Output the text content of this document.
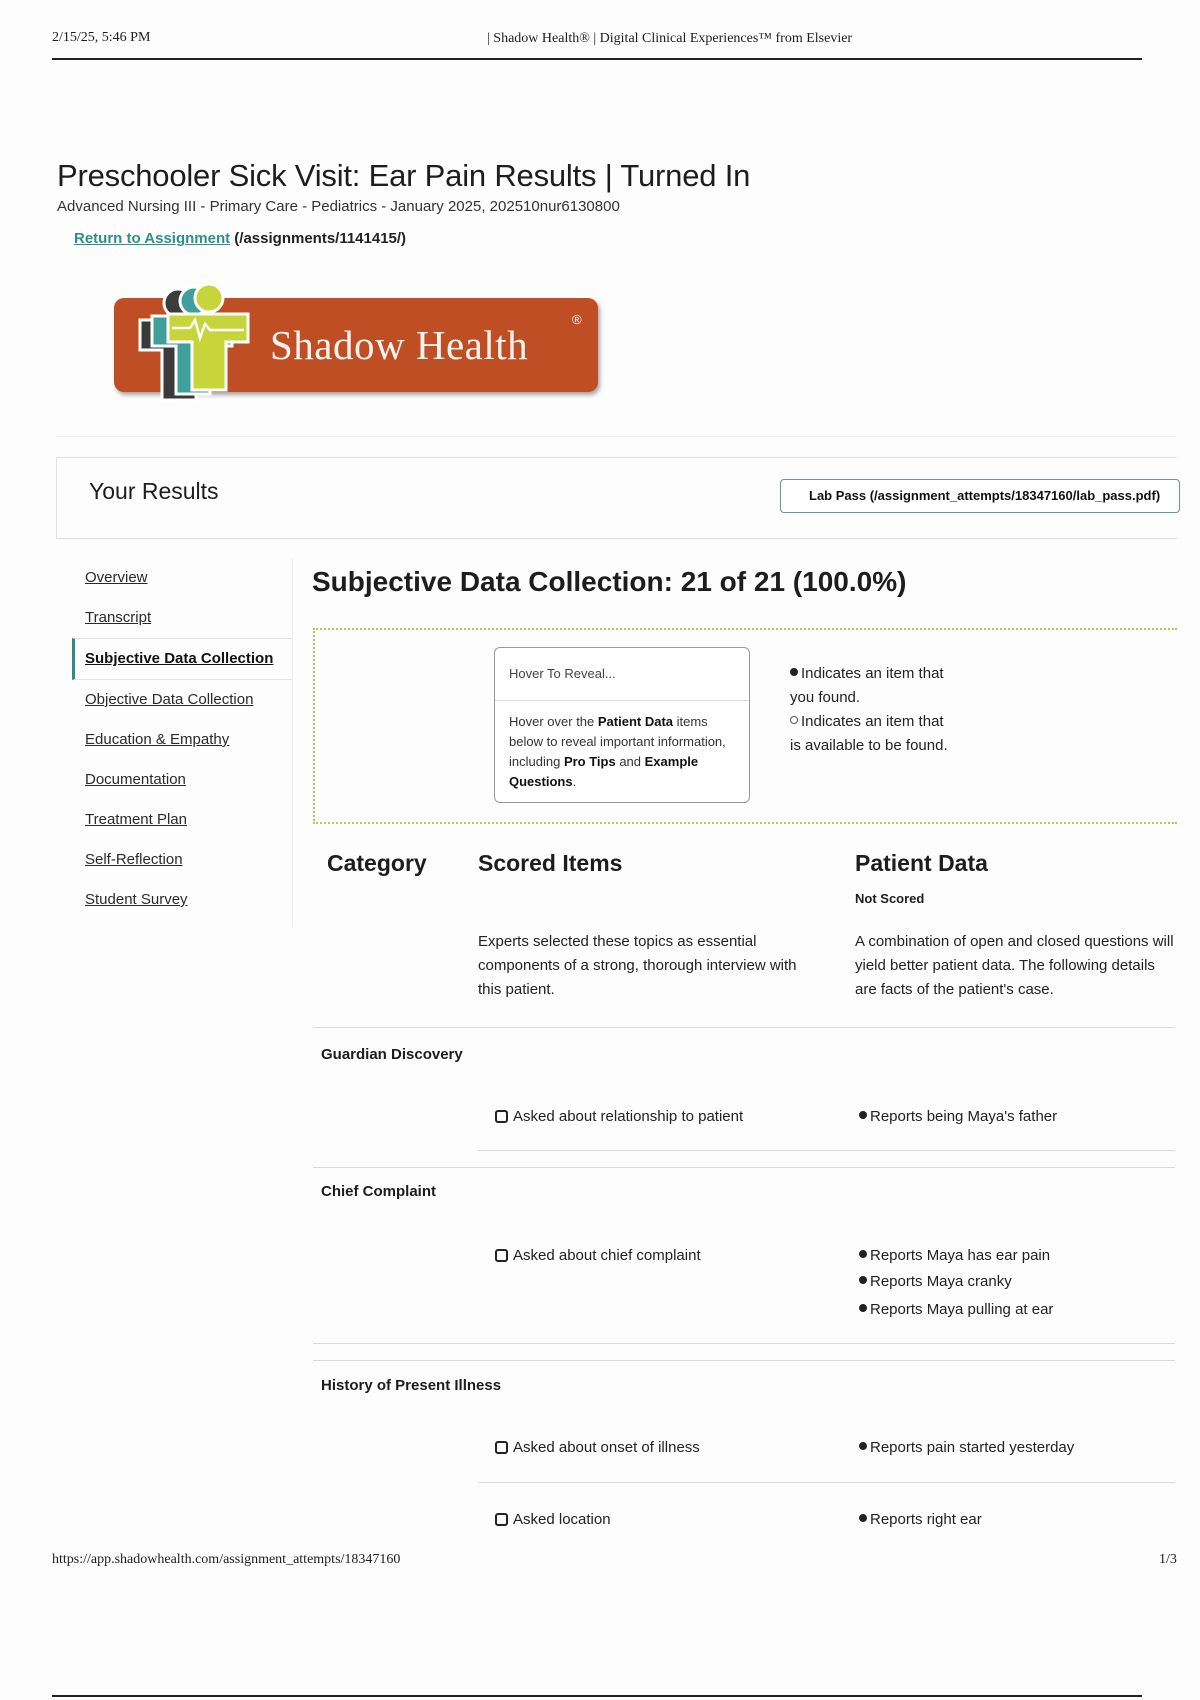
2/15/25, 5:46 PM	| Shadow Health® | Digital Clinical Experiences™ from Elsevier
Preschooler Sick Visit: Ear Pain Results | Turned In
Advanced Nursing III - Primary Care - Pediatrics - January 2025, 202510nur6130800
Return to Assignment (/assignments/1141415/)
Shadow Health
®
Your Results	Lab Pass (/assignment_attempts/18347160/lab_pass.pdf)
Overview
Transcript
Subjective Data Collection
Objective Data Collection
Education & Empathy
Documentation
Treatment Plan
Self-Reflection
Student Survey
Subjective Data Collection: 21 of 21 (100.0%)
Hover To Reveal...
Hover over the Patient Data items below to reveal important information, including Pro Tips and Example Questions.
Indicates an item that
you found.
Indicates an item that
is available to be found.
Category Scored Items	Patient Data
Not Scored
Experts selected these topics as essential components of a strong, thorough interview with this patient.
A combination of open and closed questions will yield better patient data. The following details are facts of the patient's case.
Guardian Discovery
Asked about relationship to patient	Reports being Maya's father
Chief Complaint
Asked about chief complaint	Reports Maya has ear pain
Reports Maya cranky
Reports Maya pulling at ear
History of Present Illness
Asked about onset of illness	Reports pain started yesterday
Asked location	Reports right ear
https://app.shadowhealth.com/assignment_attempts/18347160	1/3
